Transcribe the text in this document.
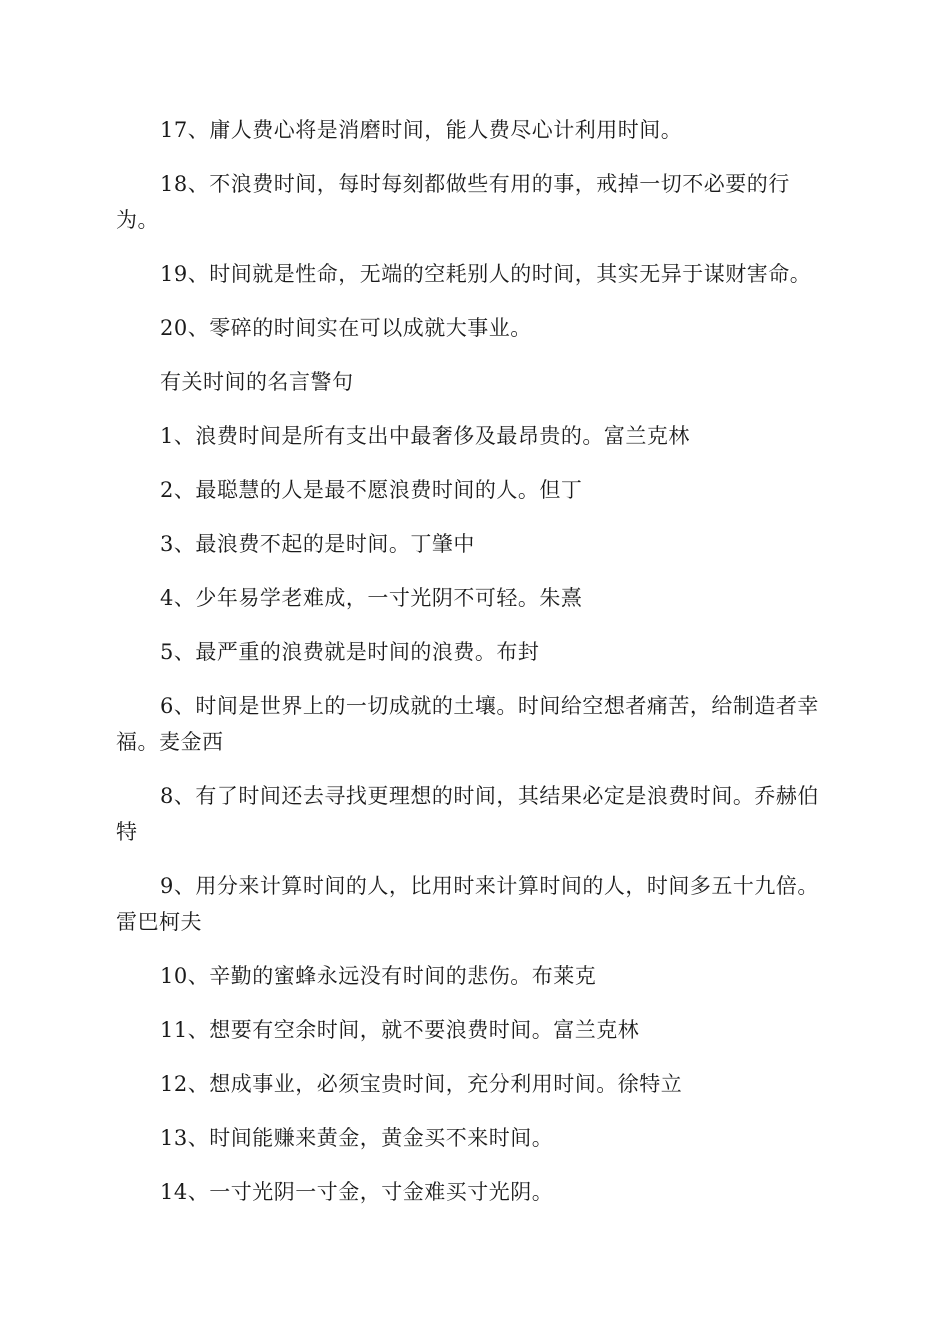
17、庸人费心将是消磨时间，能人费尽心计利用时间。

18、不浪费时间，每时每刻都做些有用的事，戒掉一切不必要的行为。

19、时间就是性命，无端的空耗别人的时间，其实无异于谋财害命。

20、零碎的时间实在可以成就大事业。

有关时间的名言警句

1、浪费时间是所有支出中最奢侈及最昂贵的。富兰克林

2、最聪慧的人是最不愿浪费时间的人。但丁

3、最浪费不起的是时间。丁肇中

4、少年易学老难成，一寸光阴不可轻。朱熹

5、最严重的浪费就是时间的浪费。布封

6、时间是世界上的一切成就的土壤。时间给空想者痛苦，给制造者幸福。麦金西

8、有了时间还去寻找更理想的时间，其结果必定是浪费时间。乔赫伯特

9、用分来计算时间的人，比用时来计算时间的人，时间多五十九倍。雷巴柯夫

10、辛勤的蜜蜂永远没有时间的悲伤。布莱克

11、想要有空余时间，就不要浪费时间。富兰克林

12、想成事业，必须宝贵时间，充分利用时间。徐特立

13、时间能赚来黄金，黄金买不来时间。

14、一寸光阴一寸金，寸金难买寸光阴。
